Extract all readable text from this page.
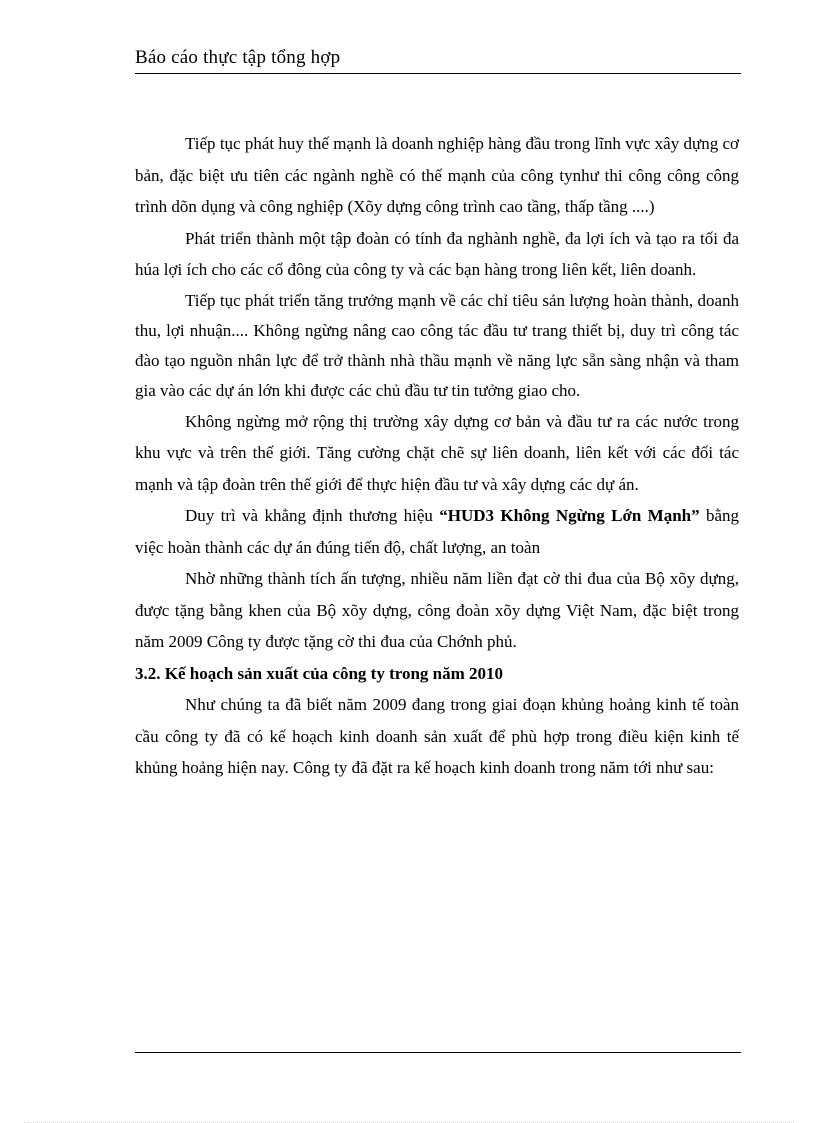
Báo cáo thực tập tổng hợp

Tiếp tục phát huy thế mạnh là doanh nghiệp hàng đầu trong lĩnh vực xây dựng cơ bản, đặc biệt ưu tiên các ngành nghề có thế mạnh của công tynhư thi công công công trình dõn dụng và công nghiệp (Xõy dựng công trình cao tầng, thấp tầng ....)

Phát triển thành một tập đoàn có tính đa nghành nghề, đa lợi ích và tạo ra tối đa húa lợi ích cho các cổ đông của công ty và các bạn hàng trong liên kết, liên doanh.

Tiếp tục phát triển tăng trưởng mạnh về các chỉ tiêu sản lượng hoàn thành, doanh thu, lợi nhuận.... Không ngừng nâng cao công tác đầu tư trang thiết bị, duy trì công tác đào tạo nguồn nhân lực để trở thành nhà thầu mạnh về năng lực sẵn sàng nhận và tham gia vào các dự án lớn khi được các chủ đầu tư tin tưởng giao cho.

Không ngừng mở rộng thị trường xây dựng cơ bản và đầu tư ra các nước trong khu vực và trên thế giới. Tăng cường chặt chẽ sự liên doanh, liên kết với các đối tác mạnh và tập đoàn trên thế giới để thực hiện đầu tư và xây dựng các dự án.

Duy trì và khẳng định thương hiệu “HUD3 Không Ngừng Lớn Mạnh” bằng việc hoàn thành các dự án đúng tiến độ, chất lượng, an toàn

Nhờ những thành tích ấn tượng, nhiều năm liền đạt cờ thi đua của Bộ xõy dựng, được tặng bằng khen của Bộ xõy dựng, công đoàn xõy dựng Việt Nam, đặc biệt trong năm 2009 Công ty được tặng cờ thi đua của Chớnh phủ.

3.2. Kế hoạch sản xuất của công ty trong năm 2010

Như chúng ta đã biết năm 2009 đang trong giai đoạn khủng hoảng kinh tế toàn cầu công ty đã có kế hoạch kinh doanh sản xuất để phù hợp trong điều kiện kinh tế khủng hoảng hiện nay. Công ty đã đặt ra kế hoạch kinh doanh trong năm tới như sau:
